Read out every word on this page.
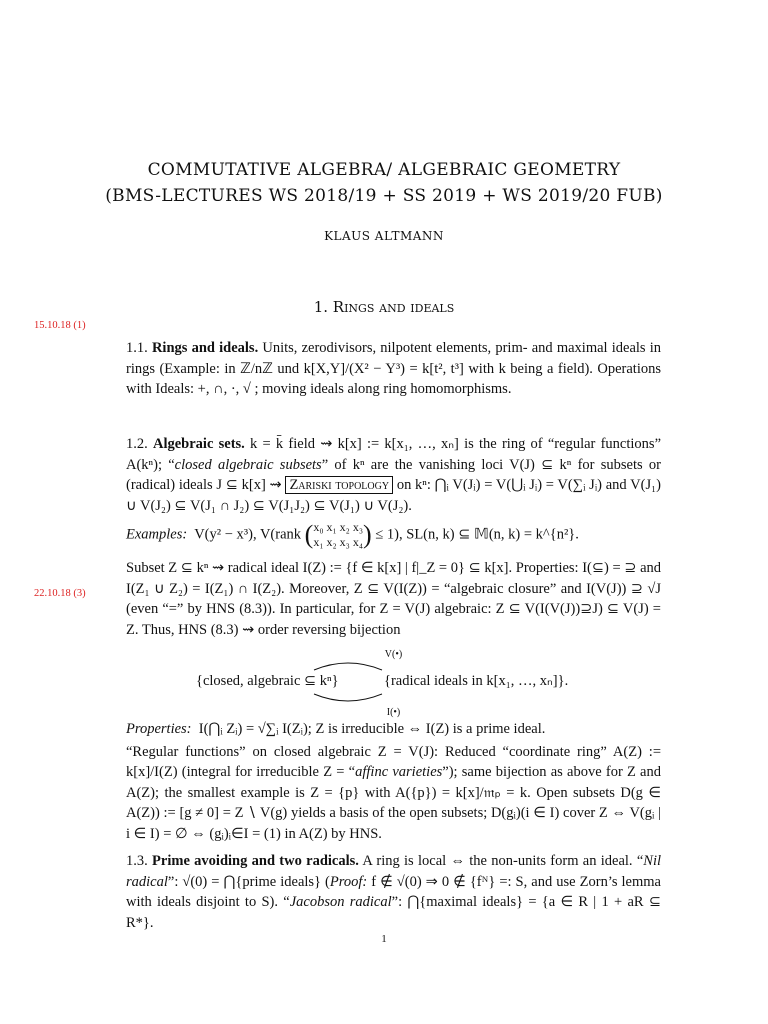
COMMUTATIVE ALGEBRA/ ALGEBRAIC GEOMETRY
(BMS-LECTURES WS 2018/19 + SS 2019 + WS 2019/20 FUB)
KLAUS ALTMANN
1. Rings and ideals
15.10.18 (1)
22.10.18 (3)

1.1. Rings and ideals. Units, zerodivisors, nilpotent elements, prim- and maximal ideals in rings (Example: in ℤ/nℤ und k[X,Y]/(X² − Y³) = k[t², t³] with k being a field). Operations with Ideals: +, ∩, ·, √ ; moving ideals along ring homomorphisms.

1.2. Algebraic sets. k = k̄ field ⇝ k[x] := k[x₁, …, xₙ] is the ring of “regular functions” A(kⁿ); “closed algebraic subsets” of kⁿ are the vanishing loci V(J) ⊆ kⁿ for subsets or (radical) ideals J ⊆ k[x] ⇝ Zariski topology on kⁿ: ⋂ᵢ V(Jᵢ) = V(⋃ᵢ Jᵢ) = V(∑ᵢ Jᵢ) and V(J₁) ∪ V(J₂) ⊆ V(J₁ ∩ J₂) ⊆ V(J₁J₂) ⊆ V(J₁) ∪ V(J₂).

Examples: V(y² − x³), V(rank ( x₀ x₁ x₂ x₃
x₁ x₂ x₃ x₄ ) ≤ 1), SL(n, k) ⊆ 𝕄(n, k) = k^{n²}.

Subset Z ⊆ kⁿ ⇝ radical ideal I(Z) := {f ∈ k[x] | f|_Z = 0} ⊆ k[x]. Properties: I(⊆) = ⊇ and I(Z₁ ∪ Z₂) = I(Z₁) ∩ I(Z₂). Moreover, Z ⊆ V(I(Z)) = “algebraic closure” and I(V(J)) ⊇ √J (even “=” by HNS (8.3)). In particular, for Z = V(J) algebraic: Z ⊆ V(I(V(J))⊇J) ⊆ V(J) = Z. Thus, HNS (8.3) ⇝ order reversing bijection

V(•)
{closed, algebraic ⊆ kⁿ}	{radical ideals in k[x₁, …, xₙ]}.
I(•)

Properties: I(⋂ᵢ Zᵢ) = √∑ᵢ I(Zᵢ); Z is irreducible ⇔ I(Z) is a prime ideal.

“Regular functions” on closed algebraic Z = V(J): Reduced “coordinate ring” A(Z) := k[x]/I(Z) (integral for irreducible Z = “affinc varieties”); same bijection as above for Z and A(Z); the smallest example is Z = {p} with A({p}) = k[x]/𝔪ₚ = k. Open subsets D(g ∈ A(Z)) := [g ≠ 0] = Z ∖ V(g) yields a basis of the open subsets; D(gᵢ)(i ∈ I) cover Z ⇔ V(gᵢ | i ∈ I) = ∅ ⇔ (gᵢ)ᵢ∈I = (1) in A(Z) by HNS.

1.3. Prime avoiding and two radicals. A ring is local ⇔ the non-units form an ideal. “Nil radical”: √(0) = ⋂{prime ideals} (Proof: f ∉ √(0) ⇒ 0 ∉ {fᴺ} =: S, and use Zorn’s lemma with ideals disjoint to S). “Jacobson radical”: ⋂{maximal ideals} = {a ∈ R | 1 + aR ⊆ R*}.

1
